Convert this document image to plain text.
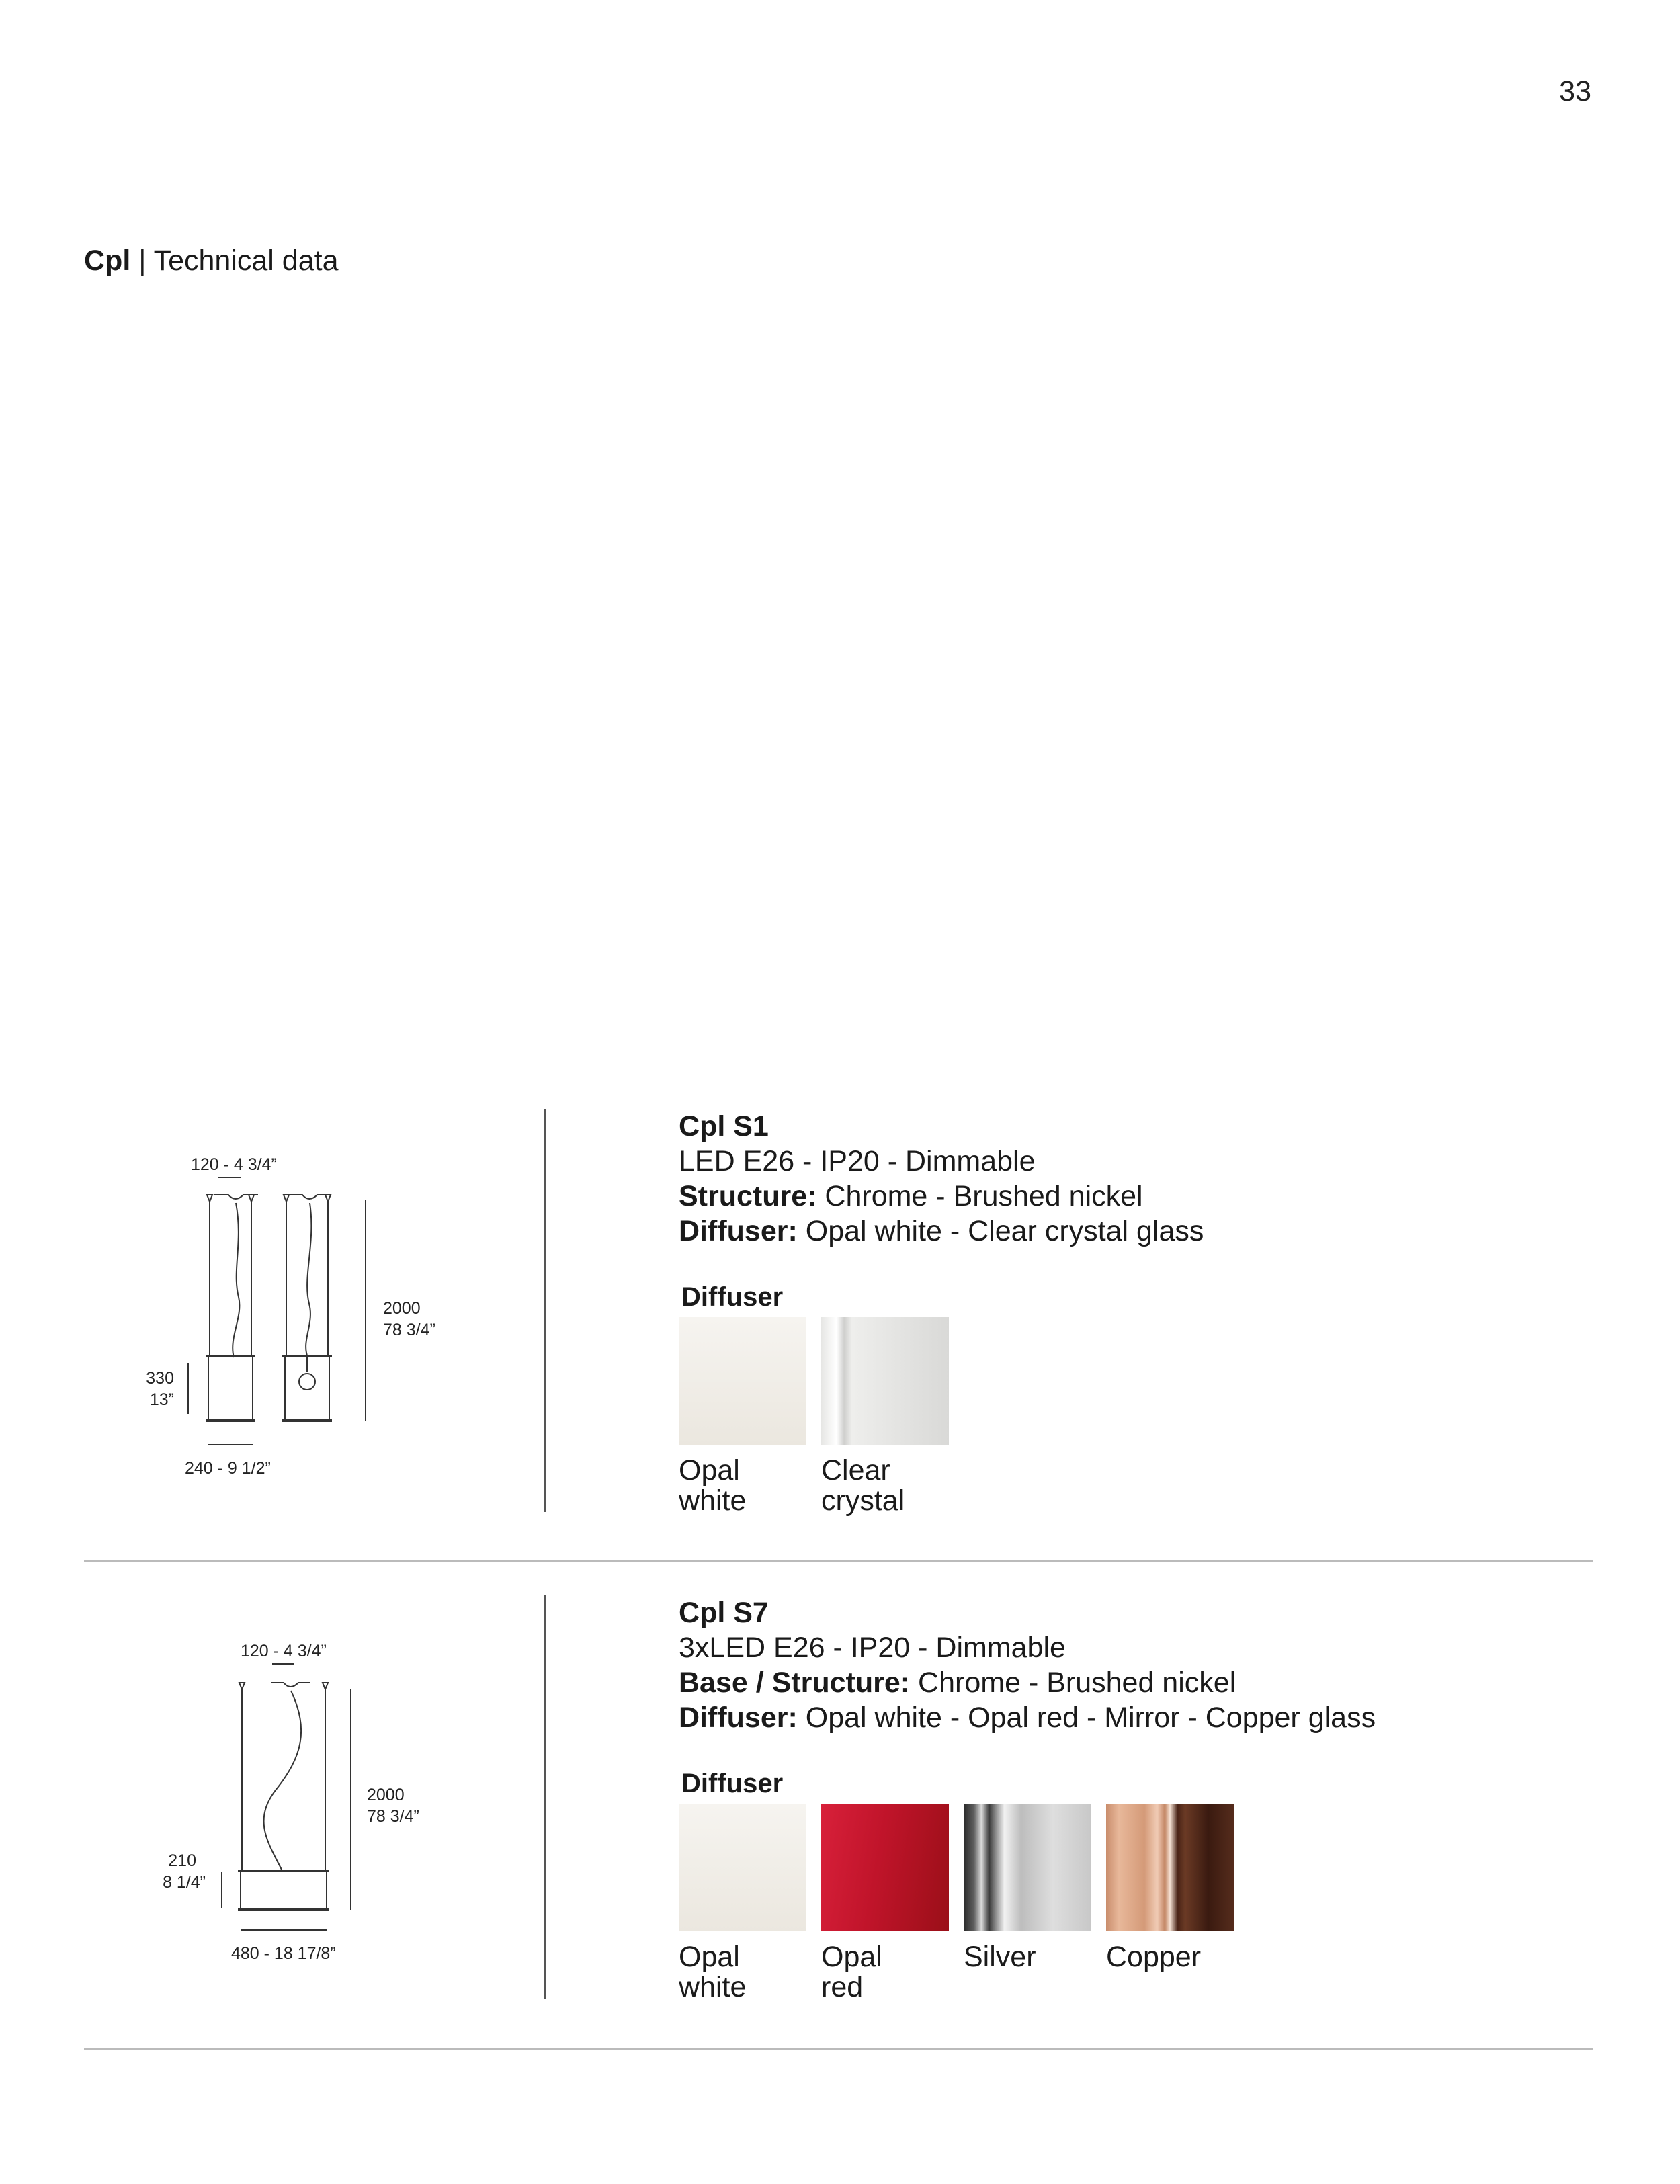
33
Cpl | Technical data
120 - 4 3/4”
2000
78 3/4”
330
13”
240 - 9 1/2”
Cpl S1
LED E26 - IP20 - Dimmable
Structure: Chrome - Brushed nickel
Diffuser: Opal white - Clear crystal glass
Diffuser
Opal
white
Clear
crystal
120 - 4 3/4”
2000
78 3/4”
210
8 1/4”
480 - 18 17/8”
Cpl S7
3xLED E26 - IP20 - Dimmable
Base / Structure: Chrome - Brushed nickel
Diffuser: Opal white - Opal red - Mirror - Copper glass
Diffuser
Opal
white
Opal
red
Silver	Copper
